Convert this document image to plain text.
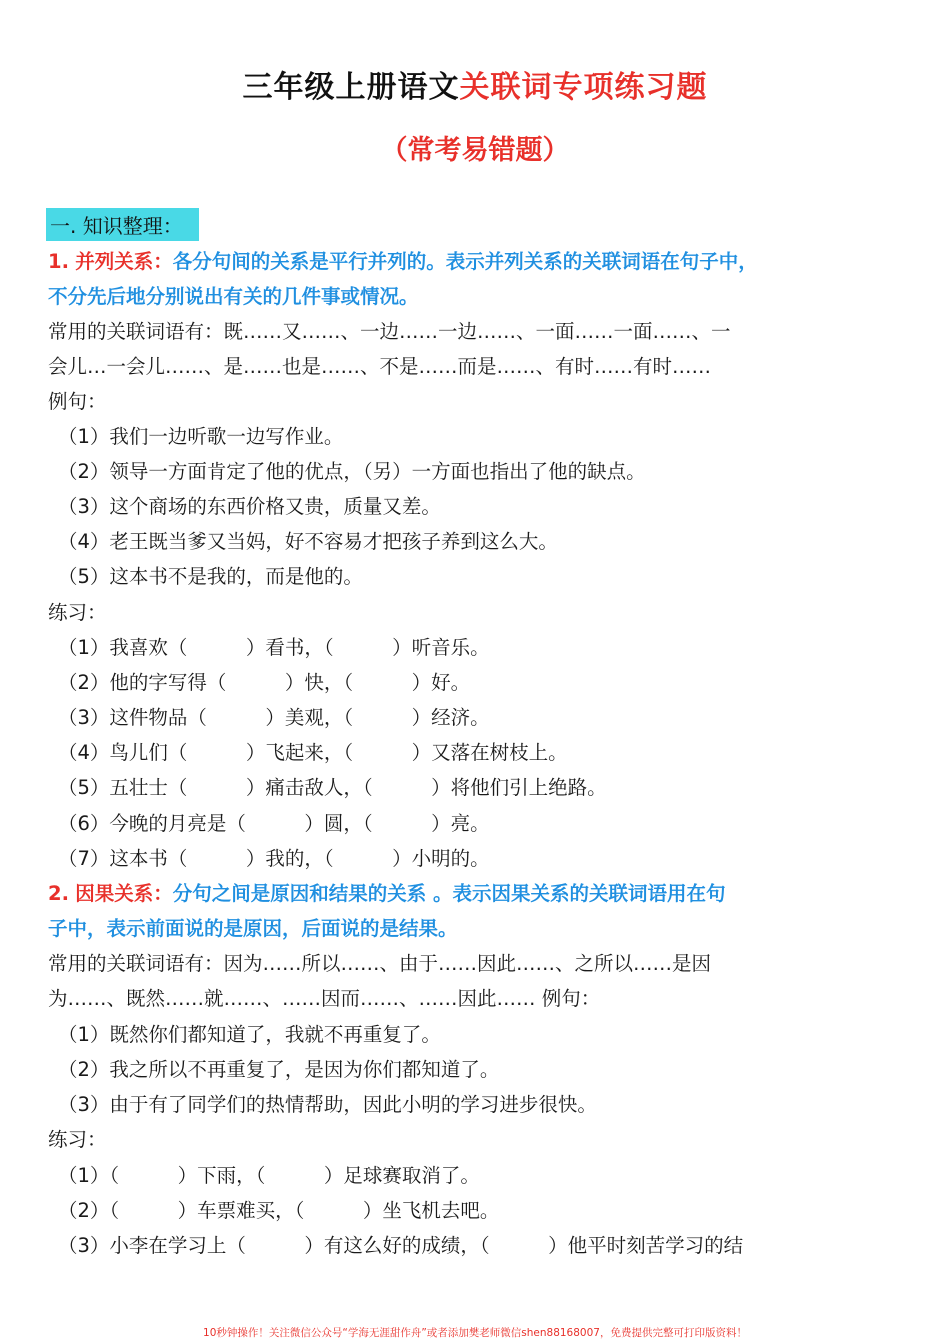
三年级上册语文关联词专项练习题
（常考易错题）
一. 知识整理：
1. 并列关系：各分句间的关系是平行并列的。表示并列关系的关联词语在句子中，
不分先后地分别说出有关的几件事或情况。
常用的关联词语有：既……又……、一边……一边……、一面……一面……、一
会儿…一会儿……、是……也是……、不是……而是……、有时……有时……
例句：
（1）我们一边听歌一边写作业。
（2）领导一方面肯定了他的优点，（另）一方面也指出了他的缺点。
（3）这个商场的东西价格又贵，质量又差。
（4）老王既当爹又当妈，好不容易才把孩子养到这么大。
（5）这本书不是我的，而是他的。
练习：
（1）我喜欢（　　　）看书，（　　　）听音乐。
（2）他的字写得（　　　）快，（　　　）好。
（3）这件物品（　　　）美观，（　　　）经济。
（4）鸟儿们（　　　）飞起来，（　　　）又落在树枝上。
（5）五壮士（　　　）痛击敌人，（　　　）将他们引上绝路。
（6）今晚的月亮是（　　　）圆，（　　　）亮。
（7）这本书（　　　）我的，（　　　）小明的。
2. 因果关系：分句之间是原因和结果的关系 。表示因果关系的关联词语用在句
子中，表示前面说的是原因，后面说的是结果。
常用的关联词语有：因为……所以……、由于……因此……、之所以……是因
为……、既然……就……、……因而……、……因此…… 例句：
（1）既然你们都知道了，我就不再重复了。
（2）我之所以不再重复了，是因为你们都知道了。
（3）由于有了同学们的热情帮助，因此小明的学习进步很快。
练习：
（1）（　　　）下雨，（　　　）足球赛取消了。
（2）（　　　）车票难买，（　　　）坐飞机去吧。
（3）小李在学习上（　　　）有这么好的成绩，（　　　）他平时刻苦学习的结
10秒钟操作！关注微信公众号“学海无涯甜作舟”或者添加樊老师微信shen88168007，免费提供完整可打印版资料！
